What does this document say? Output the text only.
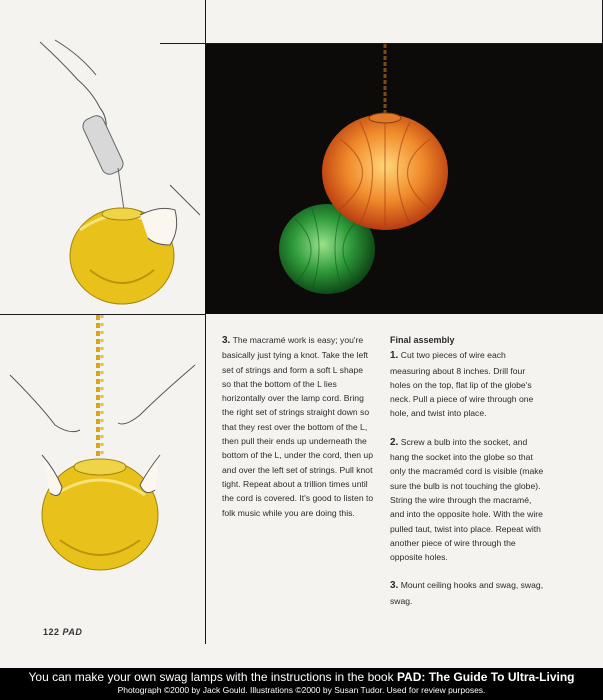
3. The macramé work is easy; you're basically just tying a knot. Take the left set of strings and form a soft L shape so that the bottom of the L lies horizontally over the lamp cord. Bring the right set of strings straight down so that they rest over the bottom of the L, then pull their ends up underneath the bottom of the L, under the cord, then up and over the left set of strings. Pull knot tight. Repeat about a trillion times until the cord is covered. It's good to listen to folk music while you are doing this.

Final assembly

1. Cut two pieces of wire each measuring about 8 inches. Drill four holes on the top, flat lip of the globe's neck. Pull a piece of wire through one hole, and twist into place.

2. Screw a bulb into the socket, and hang the socket into the globe so that only the macraméd cord is visible (make sure the bulb is not touching the globe). String the wire through the macramé, and into the opposite hole. With the wire pulled taut, twist into place. Repeat with another piece of wire through the opposite holes.

3. Mount ceiling hooks and swag, swag, swag.

122 PAD
You can make your own swag lamps with the instructions in the book PAD: The Guide To Ultra-Living
Photograph ©2000 by Jack Gould. Illustrations ©2000 by Susan Tudor. Used for review purposes.
